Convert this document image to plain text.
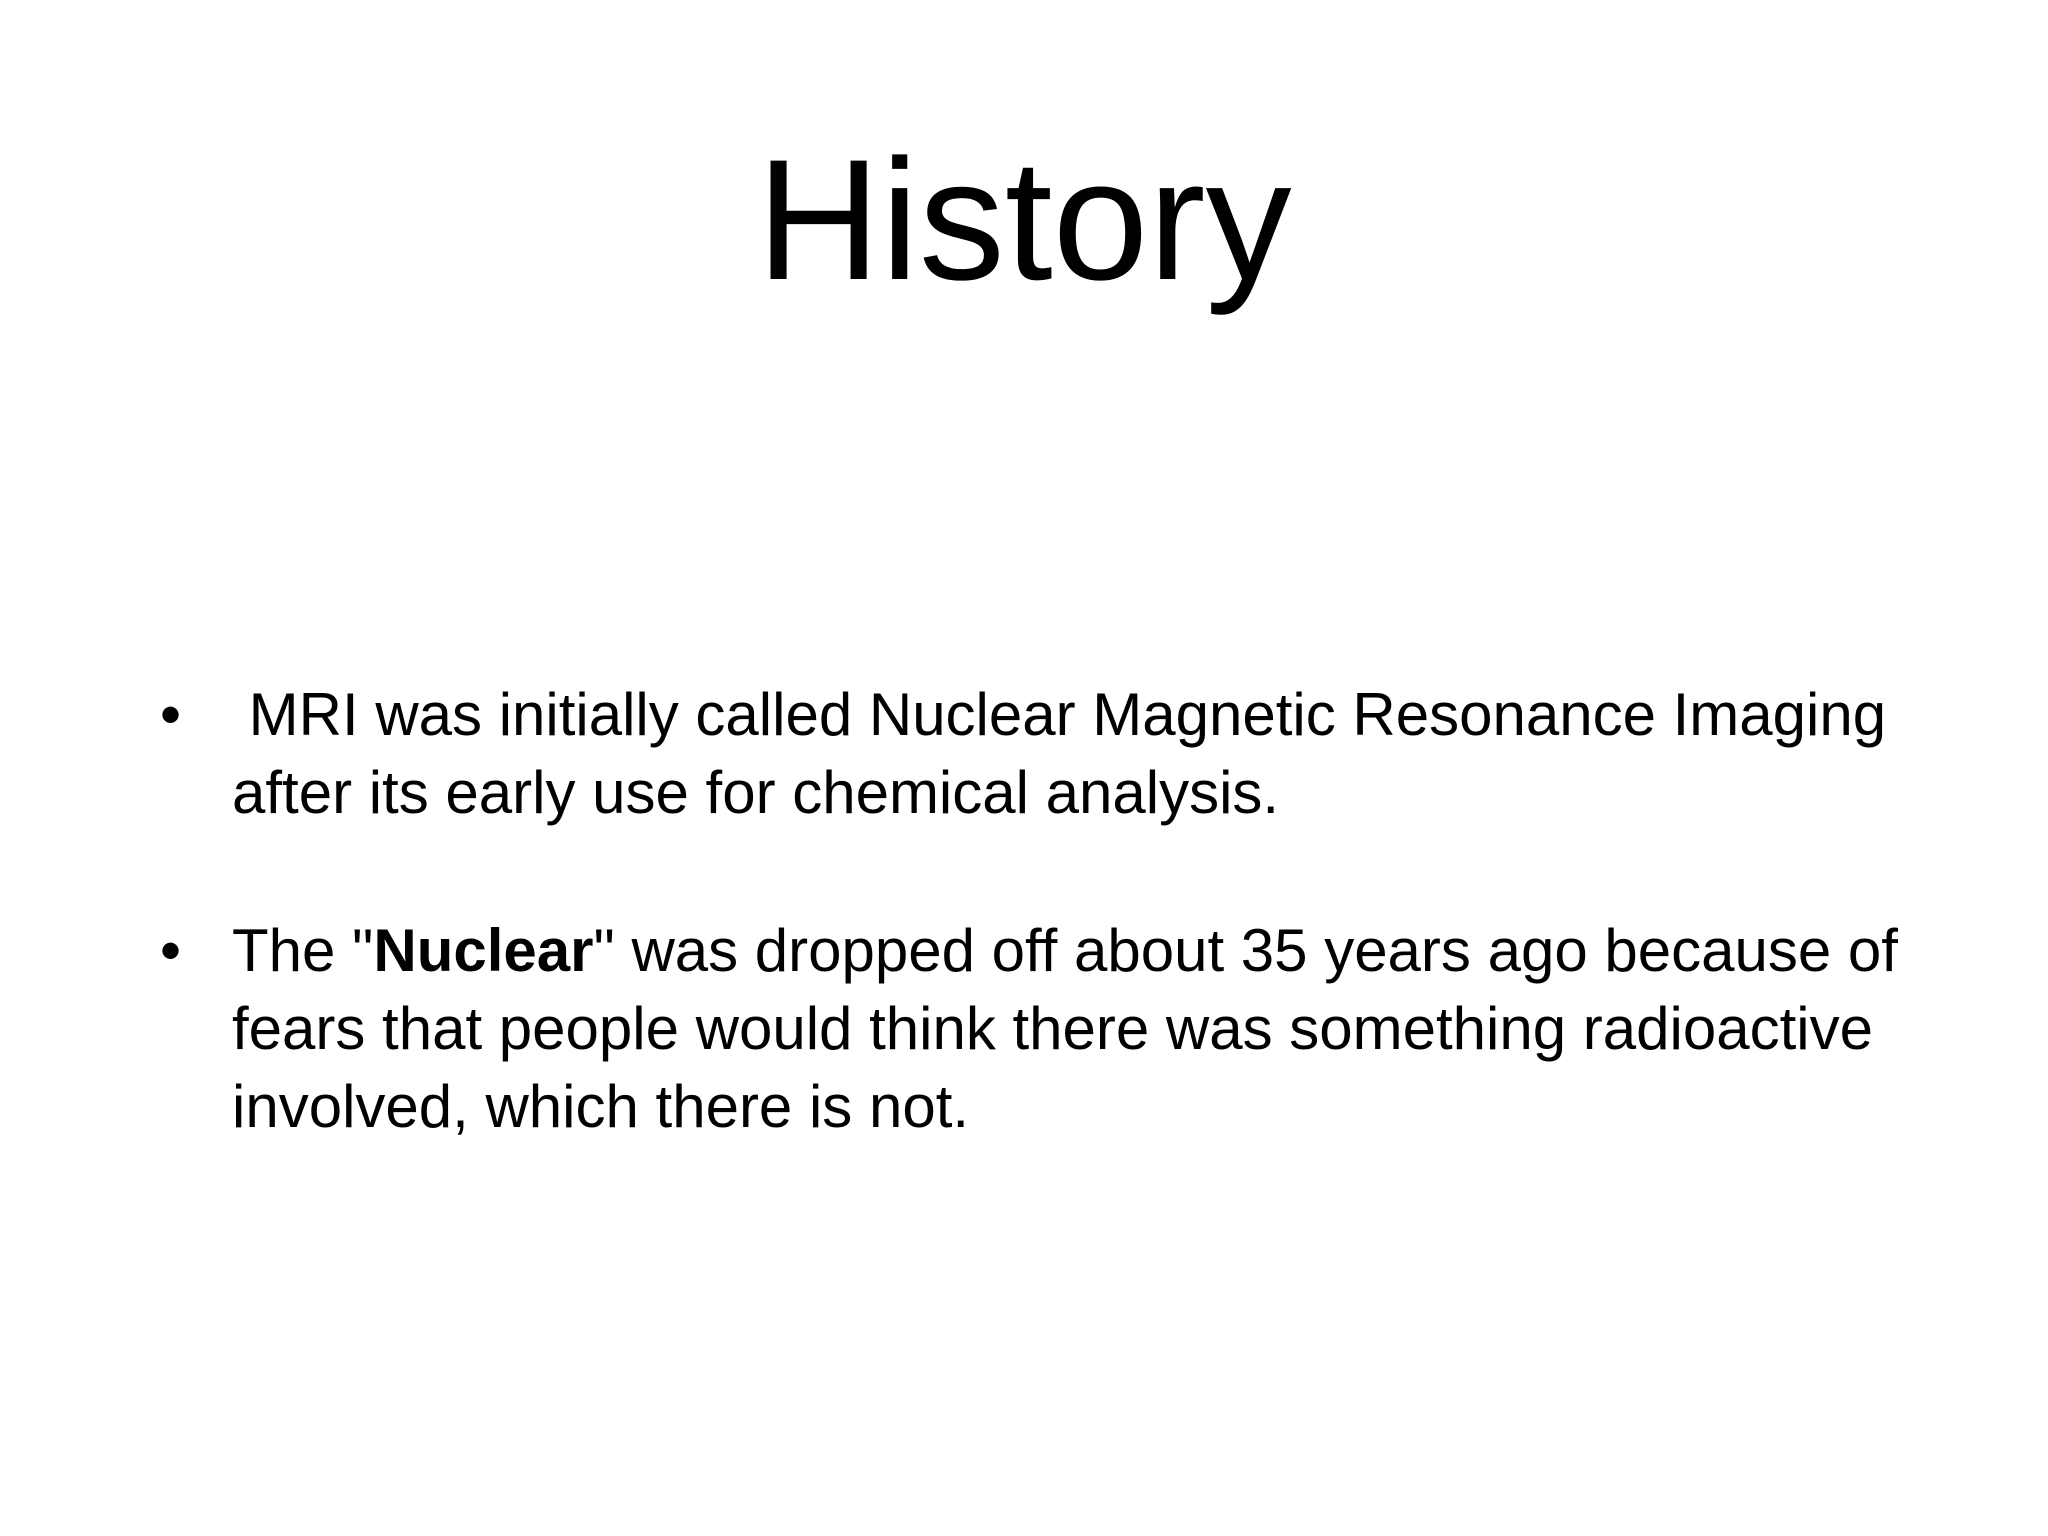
History
•	MRI was initially called Nuclear Magnetic Resonance Imaging after its early use for chemical analysis.
• The "Nuclear" was dropped off about 35 years ago because of fears that people would think there was something radioactive involved, which there is not.
